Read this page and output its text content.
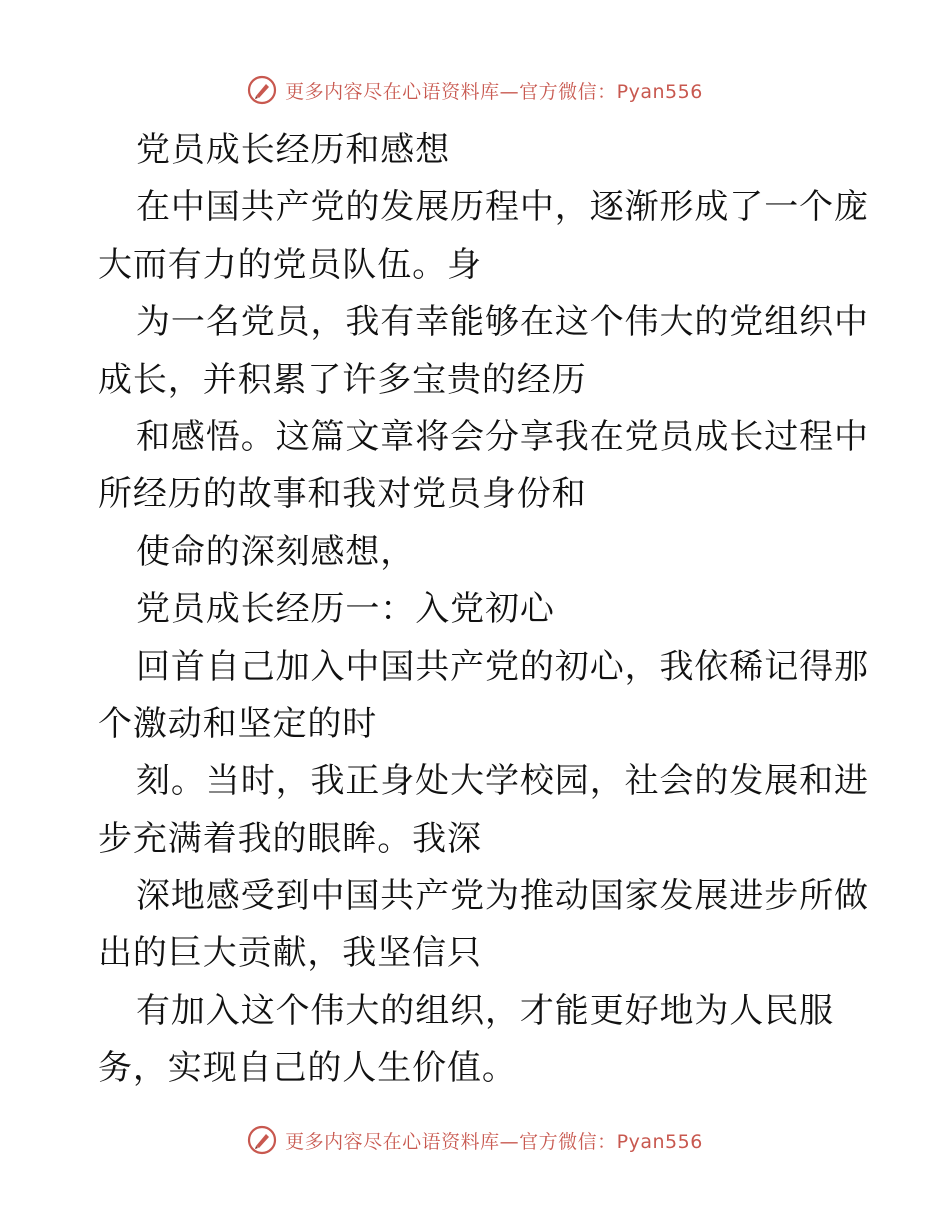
更多内容尽在心语资料库—官方微信：Pyan556
党员成长经历和感想
在中国共产党的发展历程中，逐渐形成了一个庞
大而有力的党员队伍。身
为一名党员，我有幸能够在这个伟大的党组织中
成长，并积累了许多宝贵的经历
和感悟。这篇文章将会分享我在党员成长过程中
所经历的故事和我对党员身份和
使命的深刻感想，
党员成长经历一：入党初心
回首自己加入中国共产党的初心，我依稀记得那
个激动和坚定的时
刻。当时，我正身处大学校园，社会的发展和进
步充满着我的眼眸。我深
深地感受到中国共产党为推动国家发展进步所做
出的巨大贡献，我坚信只
有加入这个伟大的组织，才能更好地为人民服
务，实现自己的人生价值。
更多内容尽在心语资料库—官方微信：Pyan556
